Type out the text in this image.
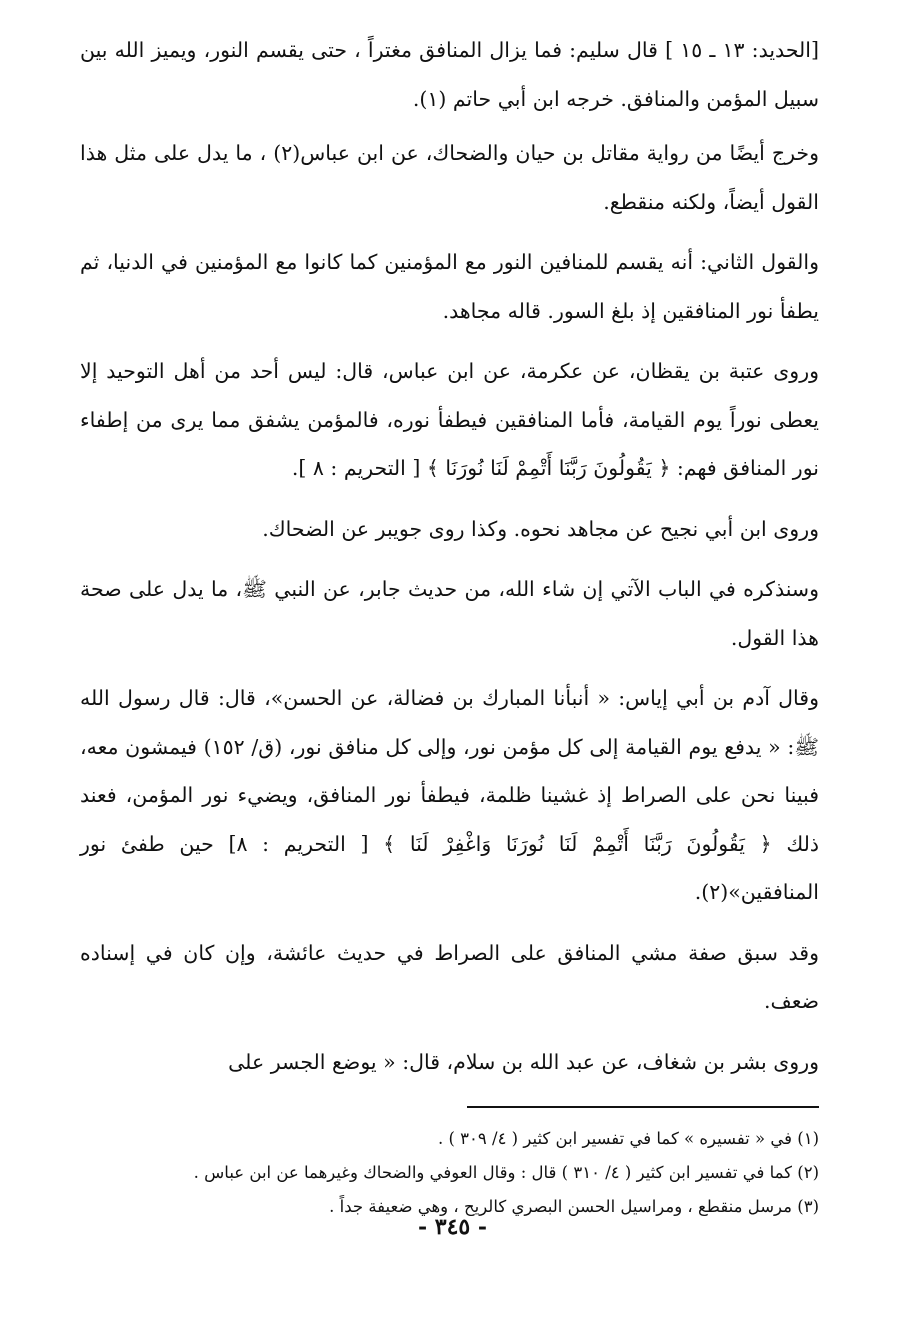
[الحديد: ١٣ ـ ١٥ ] قال سليم: فما يزال المنافق مغتراً ، حتى يقسم النور، ويميز الله بين سبيل المؤمن والمنافق. خرجه ابن أبي حاتم (١).

وخرج أيضًا من رواية مقاتل بن حيان والضحاك، عن ابن عباس(٢) ، ما يدل على مثل هذا القول أيضاً، ولكنه منقطع.

والقول الثاني: أنه يقسم للمنافين النور مع المؤمنين كما كانوا مع المؤمنين في الدنيا، ثم يطفأ نور المنافقين إذ بلغ السور. قاله مجاهد.

وروى عتبة بن يقظان، عن عكرمة، عن ابن عباس، قال: ليس أحد من أهل التوحيد إلا يعطى نوراً يوم القيامة، فأما المنافقين فيطفأ نوره، فالمؤمن يشفق مما يرى من إطفاء نور المنافق فهم: ﴿ يَقُولُونَ رَبَّنَا أَتْمِمْ لَنَا نُورَنَا ﴾ [ التحريم : ٨ ].

وروى ابن أبي نجيح عن مجاهد نحوه. وكذا روى جويبر عن الضحاك.

وسنذكره في الباب الآتي إن شاء الله، من حديث جابر، عن النبي ﷺ، ما يدل على صحة هذا القول.

وقال آدم بن أبي إياس: « أنبأنا المبارك بن فضالة، عن الحسن»، قال: قال رسول الله ﷺ: « يدفع يوم القيامة إلى كل مؤمن نور، وإلى كل منافق نور، (ق/ ١٥٢) فيمشون معه، فبينا نحن على الصراط إذ غشينا ظلمة، فيطفأ نور المنافق، ويضيء نور المؤمن، فعند ذلك ﴿ يَقُولُونَ رَبَّنَا أَتْمِمْ لَنَا نُورَنَا وَاغْفِرْ لَنَا ﴾ [ التحريم : ٨] حين طفئ نور المنافقين»(٢).

وقد سبق صفة مشي المنافق على الصراط في حديث عائشة، وإن كان في إسناده ضعف.

وروى بشر بن شغاف، عن عبد الله بن سلام، قال: « يوضع الجسر على

(١) في « تفسيره » كما في تفسير ابن كثير ( ٤/ ٣٠٩ ) .

(٢) كما في تفسير ابن كثير ( ٤/ ٣١٠ ) قال : وقال العوفي والضحاك وغيرهما عن ابن عباس .

(٣) مرسل منقطع ، ومراسيل الحسن البصري كالريح ، وهي ضعيفة جداً .

- ٣٤٥ -
